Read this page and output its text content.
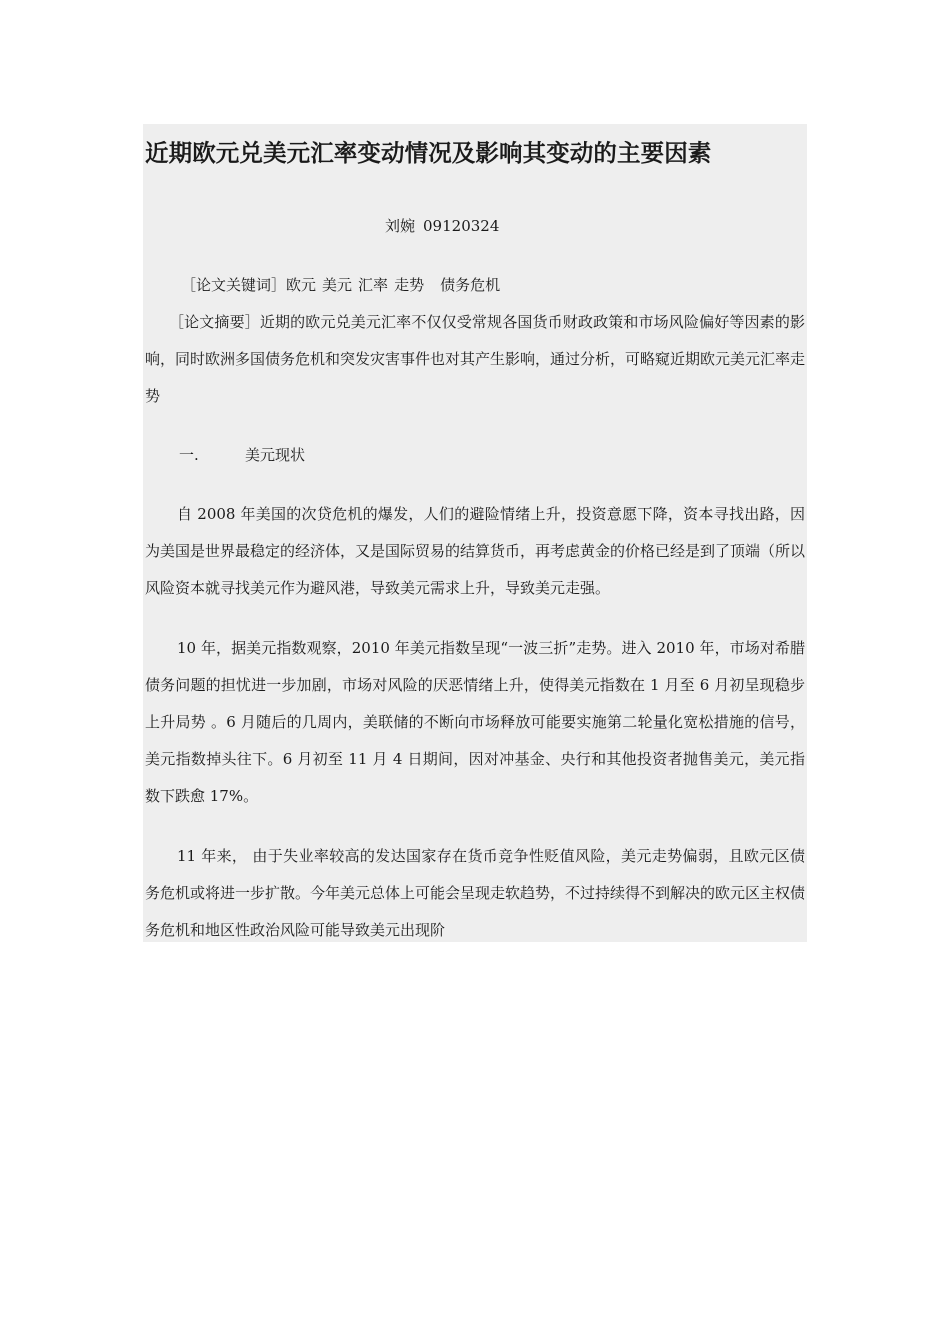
近期欧元兑美元汇率变动情况及影响其变动的主要因素
刘婉 09120324

［论文关键词］欧元 美元 汇率 走势 债务危机

［论文摘要］近期的欧元兑美元汇率不仅仅受常规各国货币财政政策和市场风险偏好等因素的影响，同时欧洲多国债务危机和突发灾害事件也对其产生影响，通过分析，可略窥近期欧元美元汇率走势

一.	美元现状

自 2008 年美国的次贷危机的爆发，人们的避险情绪上升，投资意愿下降，资本寻找出路，因为美国是世界最稳定的经济体，又是国际贸易的结算货币，再考虑黄金的价格已经是到了顶端（所以风险资本就寻找美元作为避风港，导致美元需求上升，导致美元走强。

10 年，据美元指数观察，2010 年美元指数呈现“一波三折”走势。进入 2010 年，市场对希腊债务问题的担忧进一步加剧，市场对风险的厌恶情绪上升，使得美元指数在 1 月至 6 月初呈现稳步上升局势 。6 月随后的几周内，美联储的不断向市场释放可能要实施第二轮量化宽松措施的信号，美元指数掉头往下。6 月初至 11 月 4 日期间，因对冲基金、央行和其他投资者抛售美元，美元指数下跌愈 17%。

11 年来， 由于失业率较高的发达国家存在货币竞争性贬值风险，美元走势偏弱，且欧元区债务危机或将进一步扩散。今年美元总体上可能会呈现走软趋势，不过持续得不到解决的欧元区主权债务危机和地区性政治风险可能导致美元出现阶
